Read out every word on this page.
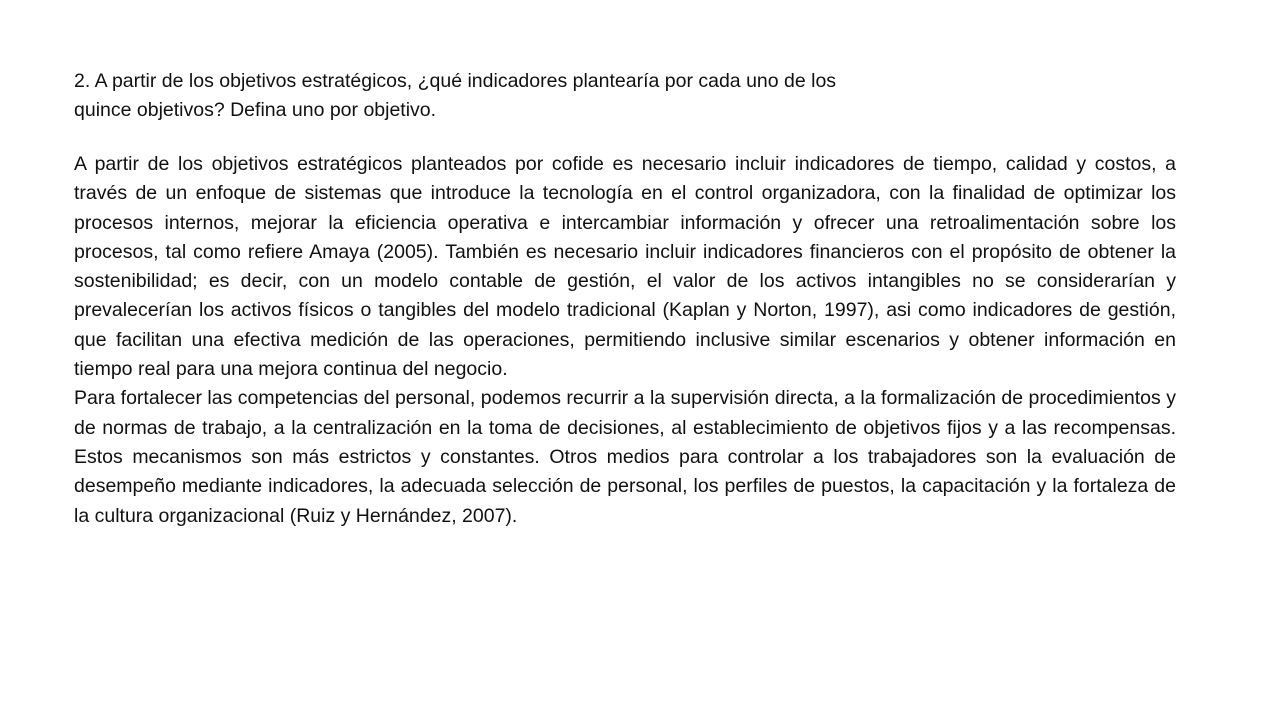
2. A partir de los objetivos estratégicos, ¿qué indicadores plantearía por cada uno de los
quince objetivos? Defina uno por objetivo.

A partir de los objetivos estratégicos planteados por cofide es necesario incluir indicadores de tiempo, calidad y costos, a través de un enfoque de sistemas que introduce la tecnología en el control organizadora, con la finalidad de optimizar los procesos internos, mejorar la eficiencia operativa e intercambiar información y ofrecer una retroalimentación sobre los procesos, tal como refiere Amaya (2005). También es necesario incluir indicadores financieros con el propósito de obtener la sostenibilidad; es decir, con un modelo contable de gestión, el valor de los activos intangibles no se considerarían y prevalecerían los activos físicos o tangibles del modelo tradicional (Kaplan y Norton, 1997), asi como indicadores de gestión, que facilitan una efectiva medición de las operaciones, permitiendo inclusive similar escenarios y obtener información en tiempo real para una mejora continua del negocio.

Para fortalecer las competencias del personal, podemos recurrir a la supervisión directa, a la formalización de procedimientos y de normas de trabajo, a la centralización en la toma de decisiones, al establecimiento de objetivos fijos y a las recompensas. Estos mecanismos son más estrictos y constantes. Otros medios para controlar a los trabajadores son la evaluación de desempeño mediante indicadores, la adecuada selección de personal, los perfiles de puestos, la capacitación y la fortaleza de la cultura organizacional (Ruiz y Hernández, 2007).
